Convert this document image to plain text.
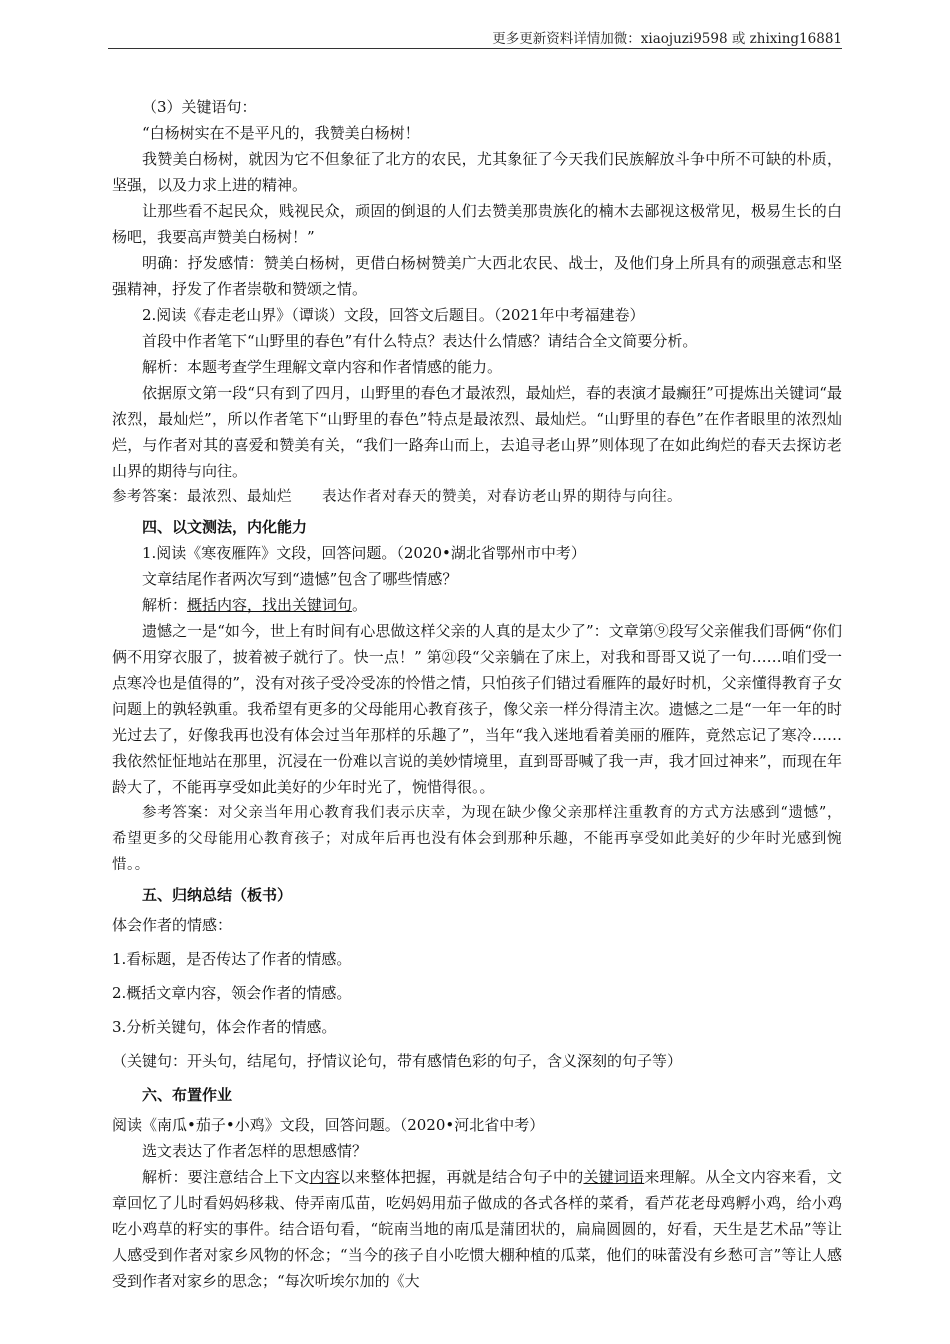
更多更新资料详情加微：xiaojuzi9598 或 zhixing16881

（3）关键语句：

“白杨树实在不是平凡的，我赞美白杨树！

我赞美白杨树，就因为它不但象征了北方的农民，尤其象征了今天我们民族解放斗争中所不可缺的朴质，坚强，以及力求上进的精神。

让那些看不起民众，贱视民众，顽固的倒退的人们去赞美那贵族化的楠木去鄙视这极常见，极易生长的白杨吧，我要高声赞美白杨树！”

明确：抒发感情：赞美白杨树，更借白杨树赞美广大西北农民、战士，及他们身上所具有的顽强意志和坚强精神，抒发了作者崇敬和赞颂之情。

2.阅读《春走老山界》（谭谈）文段，回答文后题目。（2021年中考福建卷）

首段中作者笔下“山野里的春色”有什么特点？表达什么情感？请结合全文简要分析。

解析：本题考查学生理解文章内容和作者情感的能力。

依据原文第一段“只有到了四月，山野里的春色才最浓烈，最灿烂，春的表演才最癫狂”可提炼出关键词“最浓烈，最灿烂”，所以作者笔下“山野里的春色”特点是最浓烈、最灿烂。“山野里的春色”在作者眼里的浓烈灿烂，与作者对其的喜爱和赞美有关，“我们一路奔山而上，去追寻老山界”则体现了在如此绚烂的春天去探访老山界的期待与向往。

参考答案：最浓烈、最灿烂　　表达作者对春天的赞美，对春访老山界的期待与向往。

四、以文测法，内化能力

1.阅读《寒夜雁阵》文段，回答问题。（2020•湖北省鄂州市中考）

文章结尾作者两次写到“遗憾”包含了哪些情感？

解析：概括内容，找出关键词句。

遗憾之一是“如今，世上有时间有心思做这样父亲的人真的是太少了”：文章第⑨段写父亲催我们哥俩“你们俩不用穿衣服了，披着被子就行了。快一点！” 第㉑段“父亲躺在了床上，对我和哥哥又说了一句……咱们受一点寒冷也是值得的”，没有对孩子受冷受冻的怜惜之情，只怕孩子们错过看雁阵的最好时机，父亲懂得教育子女问题上的孰轻孰重。我希望有更多的父母能用心教育孩子，像父亲一样分得清主次。遗憾之二是“一年一年的时光过去了，好像我再也没有体会过当年那样的乐趣了”，当年“我入迷地看着美丽的雁阵，竟然忘记了寒冷……我依然怔怔地站在那里，沉浸在一份难以言说的美妙情境里，直到哥哥喊了我一声，我才回过神来”，而现在年龄大了，不能再享受如此美好的少年时光了，惋惜得很。。

参考答案：对父亲当年用心教育我们表示庆幸，为现在缺少像父亲那样注重教育的方式方法感到“遗憾”，希望更多的父母能用心教育孩子；对成年后再也没有体会到那种乐趣，不能再享受如此美好的少年时光感到惋惜。。

五、归纳总结（板书）

体会作者的情感：

1.看标题，是否传达了作者的情感。

2.概括文章内容，领会作者的情感。

3.分析关键句，体会作者的情感。

（关键句：开头句，结尾句，抒情议论句，带有感情色彩的句子，含义深刻的句子等）

六、布置作业

阅读《南瓜•茄子•小鸡》文段，回答问题。（2020•河北省中考）

选文表达了作者怎样的思想感情？

解析：要注意结合上下文内容以来整体把握，再就是结合句子中的关键词语来理解。从全文内容来看，文章回忆了儿时看妈妈移栽、侍弄南瓜苗，吃妈妈用茄子做成的各式各样的菜肴，看芦花老母鸡孵小鸡，给小鸡吃小鸡草的籽实的事件。结合语句看，“皖南当地的南瓜是蒲团状的，扁扁圆圆的，好看，天生是艺术品”等让人感受到作者对家乡风物的怀念；“当今的孩子自小吃惯大棚种植的瓜菜，他们的味蕾没有乡愁可言”等让人感受到作者对家乡的思念；“每次听埃尔加的《大
